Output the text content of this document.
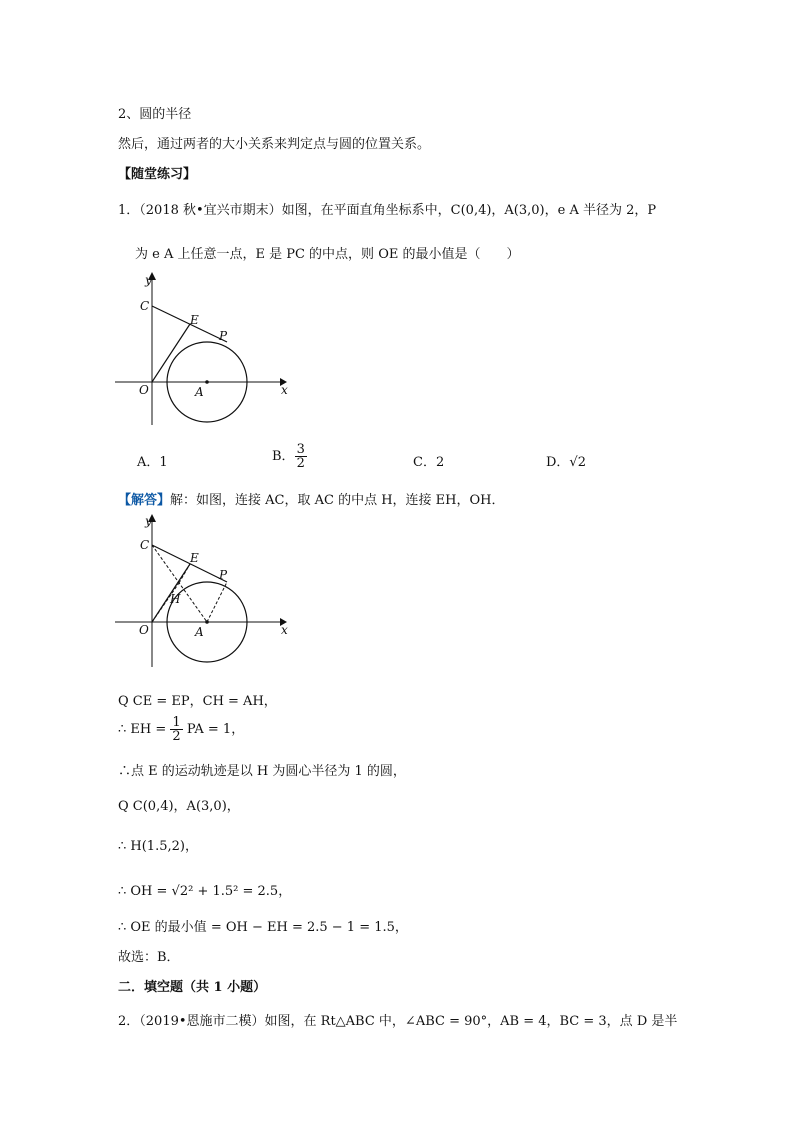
2、圆的半径
然后，通过两者的大小关系来判定点与圆的位置关系。
【随堂练习】
1．（2018 秋•宜兴市期末）如图，在平面直角坐标系中，C(0,4)，A(3,0)，e A 半径为 2，P
为 e A 上任意一点，E 是 PC 的中点，则 OE 的最小值是（　　）
y
x
C
E
P
O	A
A．1	B． $\frac{3}{2}$	C．2	D．√2
【解答】解：如图，连接 AC，取 AC 的中点 H，连接 EH，OH．
y
x
C
E
P
H
O	A
Q CE = EP，CH = AH，
∴ EH = $\frac{1}{2}$ PA = 1，
∴点 E 的运动轨迹是以 H 为圆心半径为 1 的圆，
Q C(0,4)，A(3,0)，
∴ H(1.5,2)，
∴ OH = √2² + 1.5² = 2.5，
∴ OE 的最小值 = OH − EH = 2.5 − 1 = 1.5，
故选：B．
二．填空题（共 1 小题）
2．（2019•恩施市二模）如图，在 Rt△ABC 中，∠ABC = 90°，AB = 4，BC = 3，点 D 是半
